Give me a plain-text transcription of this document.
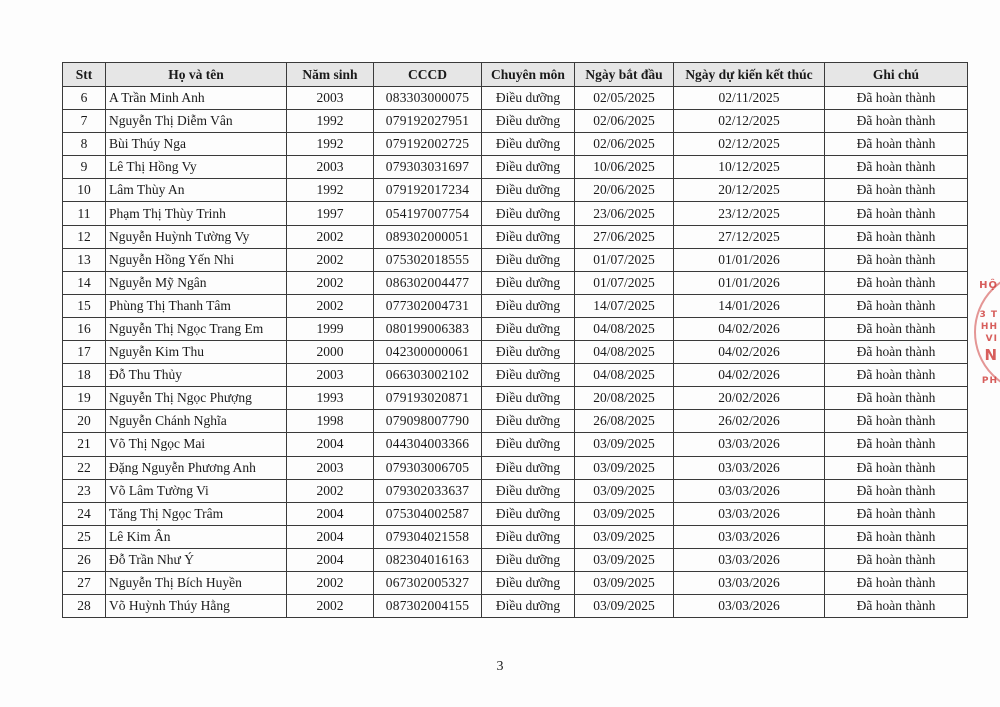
Stt	Họ và tên	Năm sinh	CCCD	Chuyên môn	Ngày bắt đầu	Ngày dự kiến kết thúc	Ghi chú
6	A Trần Minh Anh	2003	083303000075	Điều dưỡng	02/05/2025	02/11/2025	Đã hoàn thành
7	Nguyễn Thị Diễm Vân	1992	079192027951	Điều dưỡng	02/06/2025	02/12/2025	Đã hoàn thành
8	Bùi Thúy Nga	1992	079192002725	Điều dưỡng	02/06/2025	02/12/2025	Đã hoàn thành
9	Lê Thị Hồng Vy	2003	079303031697	Điều dưỡng	10/06/2025	10/12/2025	Đã hoàn thành
10	Lâm Thùy An	1992	079192017234	Điều dưỡng	20/06/2025	20/12/2025	Đã hoàn thành
11	Phạm Thị Thùy Trinh	1997	054197007754	Điều dưỡng	23/06/2025	23/12/2025	Đã hoàn thành
12	Nguyễn Huỳnh Tường Vy	2002	089302000051	Điều dưỡng	27/06/2025	27/12/2025	Đã hoàn thành
13	Nguyễn Hồng Yến Nhi	2002	075302018555	Điều dưỡng	01/07/2025	01/01/2026	Đã hoàn thành
14	Nguyễn Mỹ Ngân	2002	086302004477	Điều dưỡng	01/07/2025	01/01/2026	Đã hoàn thành
15	Phùng Thị Thanh Tâm	2002	077302004731	Điều dưỡng	14/07/2025	14/01/2026	Đã hoàn thành
16	Nguyễn Thị Ngọc Trang Em	1999	080199006383	Điều dưỡng	04/08/2025	04/02/2026	Đã hoàn thành
17	Nguyễn Kim Thu	2000	042300000061	Điều dưỡng	04/08/2025	04/02/2026	Đã hoàn thành
18	Đỗ Thu Thủy	2003	066303002102	Điều dưỡng	04/08/2025	04/02/2026	Đã hoàn thành
19	Nguyễn Thị Ngọc Phượng	1993	079193020871	Điều dưỡng	20/08/2025	20/02/2026	Đã hoàn thành
20	Nguyễn Chánh Nghĩa	1998	079098007790	Điều dưỡng	26/08/2025	26/02/2026	Đã hoàn thành
21	Võ Thị Ngọc Mai	2004	044304003366	Điều dưỡng	03/09/2025	03/03/2026	Đã hoàn thành
22	Đặng Nguyễn Phương Anh	2003	079303006705	Điều dưỡng	03/09/2025	03/03/2026	Đã hoàn thành
23	Võ Lâm Tường Vi	2002	079302033637	Điều dưỡng	03/09/2025	03/03/2026	Đã hoàn thành
24	Tăng Thị Ngọc Trâm	2004	075304002587	Điều dưỡng	03/09/2025	03/03/2026	Đã hoàn thành
25	Lê Kim Ân	2004	079304021558	Điều dưỡng	03/09/2025	03/03/2026	Đã hoàn thành
26	Đỗ Trần Như Ý	2004	082304016163	Điều dưỡng	03/09/2025	03/03/2026	Đã hoàn thành
27	Nguyễn Thị Bích Huyền	2002	067302005327	Điều dưỡng	03/09/2025	03/03/2026	Đã hoàn thành
28	Võ Huỳnh Thúy Hằng	2002	087302004155	Điều dưỡng	03/09/2025	03/03/2026	Đã hoàn thành
3
HỘ
3 T
HH
VI
N
PH
